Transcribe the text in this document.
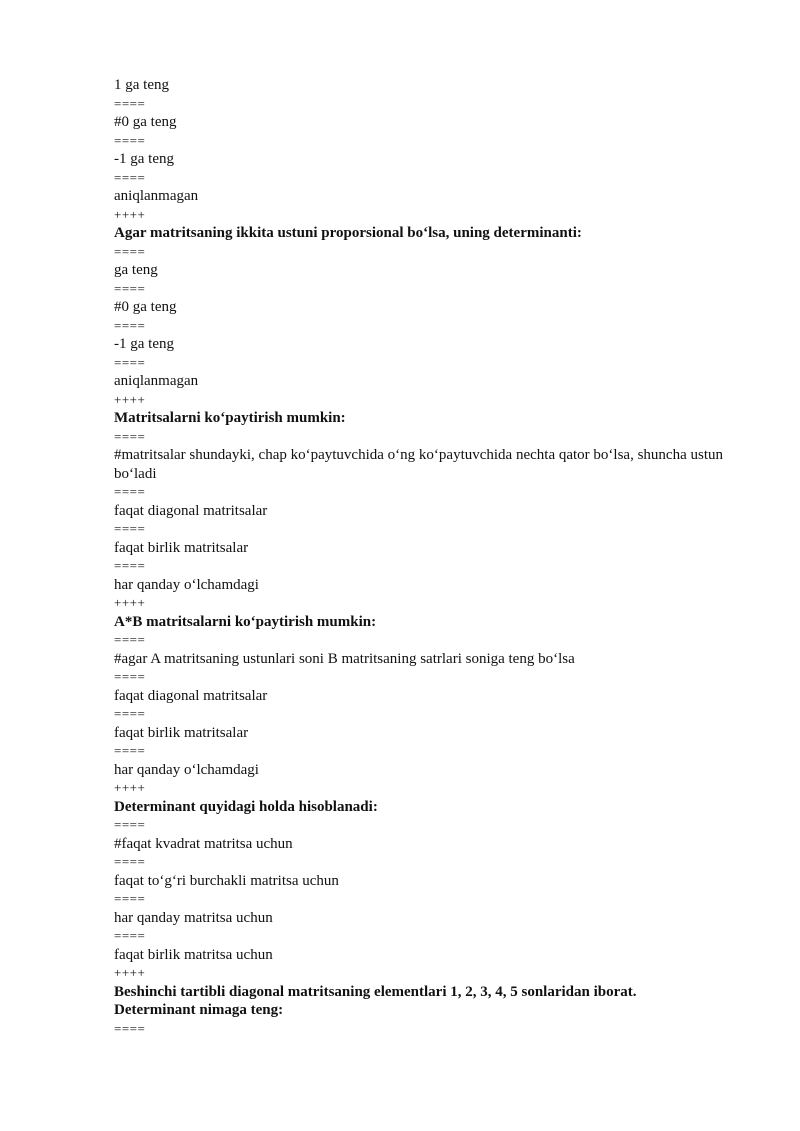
1 ga teng
====
#0 ga teng
====
-1 ga teng
====
aniqlanmagan
++++
Agar matritsaning ikkita ustuni proporsional bo‘lsa, uning determinanti:
====
ga teng
====
#0 ga teng
====
-1 ga teng
====
aniqlanmagan
++++
Matritsalarni ko‘paytirish mumkin:
====
#matritsalar shundayki, chap ko‘paytuvchida o‘ng ko‘paytuvchida nechta qator bo‘lsa, shuncha ustun bo‘ladi
====
faqat diagonal matritsalar
====
faqat birlik matritsalar
====
har qanday o‘lchamdagi
++++
A*B matritsalarni ko‘paytirish mumkin:
====
#agar A matritsaning ustunlari soni B matritsaning satrlari soniga teng bo‘lsa
====
faqat diagonal matritsalar
====
faqat birlik matritsalar
====
har qanday o‘lchamdagi
++++
Determinant quyidagi holda hisoblanadi:
====
#faqat kvadrat matritsa uchun
====
faqat to‘g‘ri burchakli matritsa uchun
====
har qanday matritsa uchun
====
faqat birlik matritsa uchun
++++
Beshinchi tartibli diagonal matritsaning elementlari 1, 2, 3, 4, 5 sonlaridan iborat.
Determinant nimaga teng:
====
